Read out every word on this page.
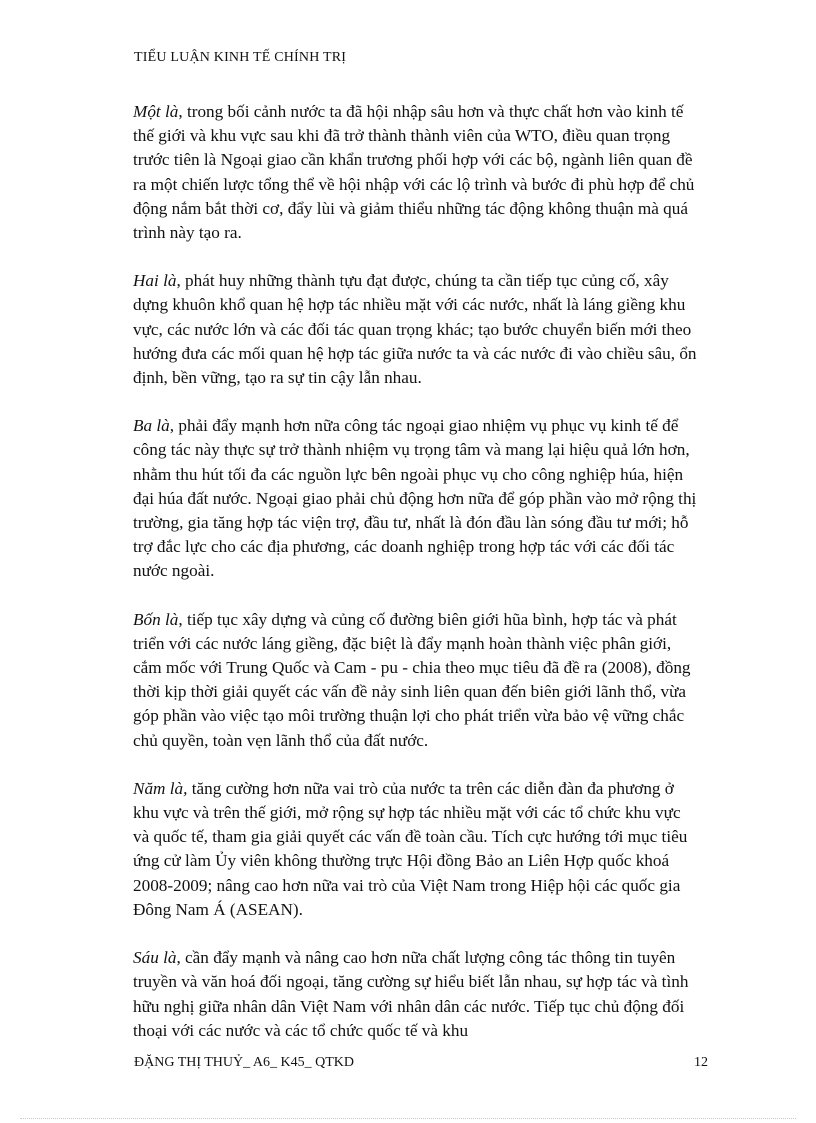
TIỂU LUẬN KINH TẾ CHÍNH TRỊ

Một là, trong bối cảnh nước ta đã hội nhập sâu hơn và thực chất hơn vào kinh tế thế giới và khu vực sau khi đã trở thành thành viên của WTO, điều quan trọng trước tiên là Ngoại giao cần khẩn trương phối hợp với các bộ, ngành liên quan đề ra một chiến lược tổng thể về hội nhập với các lộ trình và bước đi phù hợp để chủ động nắm bắt thời cơ, đẩy lùi và giảm thiểu những tác động không thuận mà quá trình này tạo ra.

Hai là, phát huy những thành tựu đạt được, chúng ta cần tiếp tục củng cố, xây dựng khuôn khổ quan hệ hợp tác nhiều mặt với các nước, nhất là láng giềng khu vực, các nước lớn và các đối tác quan trọng khác; tạo bước chuyển biến mới theo hướng đưa các mối quan hệ hợp tác giữa nước ta và các nước đi vào chiều sâu, ổn định, bền vững, tạo ra sự tin cậy lẫn nhau.

Ba là, phải đẩy mạnh hơn nữa công tác ngoại giao nhiệm vụ phục vụ kinh tế để công tác này thực sự trở thành nhiệm vụ trọng tâm và mang lại hiệu quả lớn hơn, nhằm thu hút tối đa các nguồn lực bên ngoài phục vụ cho công nghiệp húa, hiện đại húa đất nước. Ngoại giao phải chủ động hơn nữa để góp phần vào mở rộng thị trường, gia tăng hợp tác viện trợ, đầu tư, nhất là đón đầu làn sóng đầu tư mới; hỗ trợ đắc lực cho các địa phương, các doanh nghiệp trong hợp tác với các đối tác nước ngoài.

Bốn là, tiếp tục xây dựng và củng cố đường biên giới hũa bình, hợp tác và phát triển với các nước láng giềng, đặc biệt là đẩy mạnh hoàn thành việc phân giới, cắm mốc với Trung Quốc và Cam - pu - chia theo mục tiêu đã đề ra (2008), đồng thời kịp thời giải quyết các vấn đề nảy sinh liên quan đến biên giới lãnh thổ, vừa góp phần vào việc tạo môi trường thuận lợi cho phát triển vừa bảo vệ vững chắc chủ quyền, toàn vẹn lãnh thổ của đất nước.

Năm là, tăng cường hơn nữa vai trò của nước ta trên các diễn đàn đa phương ở khu vực và trên thế giới, mở rộng sự hợp tác nhiều mặt với các tổ chức khu vực và quốc tế, tham gia giải quyết các vấn đề toàn cầu. Tích cực hướng tới mục tiêu ứng cử làm Ủy viên không thường trực Hội đồng Bảo an Liên Hợp quốc khoá 2008-2009; nâng cao hơn nữa vai trò của Việt Nam trong Hiệp hội các quốc gia Đông Nam Á (ASEAN).

Sáu là, cần đẩy mạnh và nâng cao hơn nữa chất lượng công tác thông tin tuyên truyền và văn hoá đối ngoại, tăng cường sự hiểu biết lẫn nhau, sự hợp tác và tình hữu nghị giữa nhân dân Việt Nam với nhân dân các nước. Tiếp tục chủ động đối thoại với các nước và các tổ chức quốc tế và khu

ĐẶNG THỊ THUỶ_ A6_ K45_ QTKD	12
